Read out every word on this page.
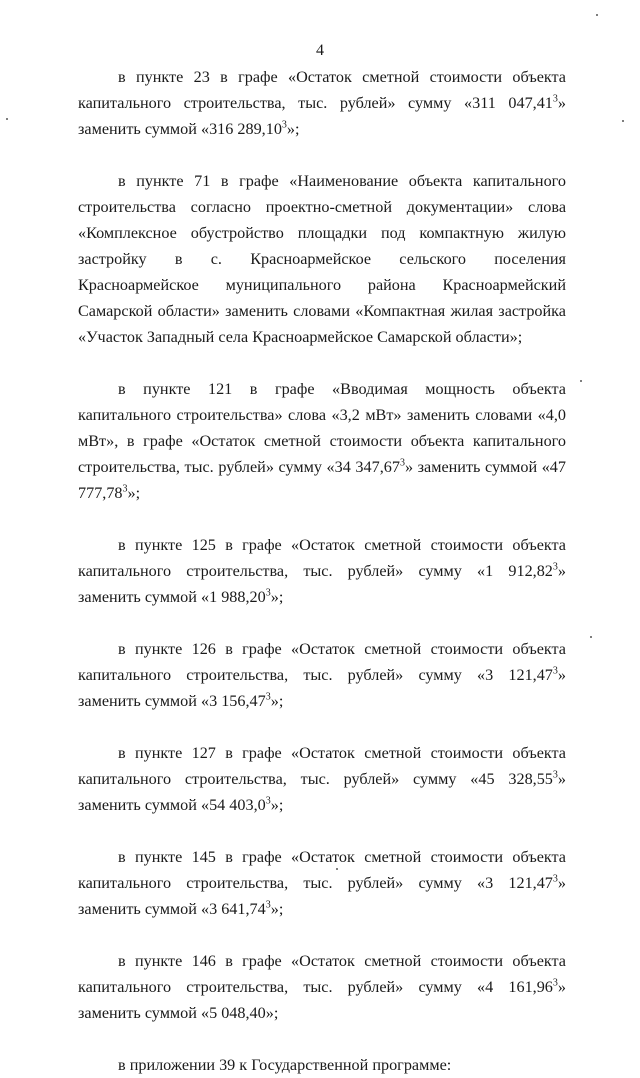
4

в пункте 23 в графе «Остаток сметной стоимости объекта капитального строительства, тыс. рублей» сумму «311 047,41$^3$» заменить суммой «316 289,10$^3$»;

в пункте 71 в графе «Наименование объекта капитального строительства согласно проектно-сметной документации» слова «Комплексное обустройство площадки под компактную жилую застройку в с. Красноармейское сельского поселения Красноармейское муниципального района Красноармейский Самарской области» заменить словами «Компактная жилая застройка «Участок Западный села Красноармейское Самарской области»;

в пункте 121 в графе «Вводимая мощность объекта капитального строительства» слова «3,2 мВт» заменить словами «4,0 мВт», в графе «Остаток сметной стоимости объекта капитального строительства, тыс. рублей» сумму «34 347,67$^3$» заменить суммой «47 777,78$^3$»;

в пункте 125 в графе «Остаток сметной стоимости объекта капитального строительства, тыс. рублей» сумму «1 912,82$^3$» заменить суммой «1 988,20$^3$»;

в пункте 126 в графе «Остаток сметной стоимости объекта капитального строительства, тыс. рублей» сумму «3 121,47$^3$» заменить суммой «3 156,47$^3$»;

в пункте 127 в графе «Остаток сметной стоимости объекта капитального строительства, тыс. рублей» сумму «45 328,55$^3$» заменить суммой «54 403,0$^3$»;

в пункте 145 в графе «Остаток сметной стоимости объекта капитального строительства, тыс. рублей» сумму «3 121,47$^3$» заменить суммой «3 641,74$^3$»;

в пункте 146 в графе «Остаток сметной стоимости объекта капитального строительства, тыс. рублей» сумму «4 161,96$^3$» заменить суммой «5 048,40»;

в приложении 39 к Государственной программе:
